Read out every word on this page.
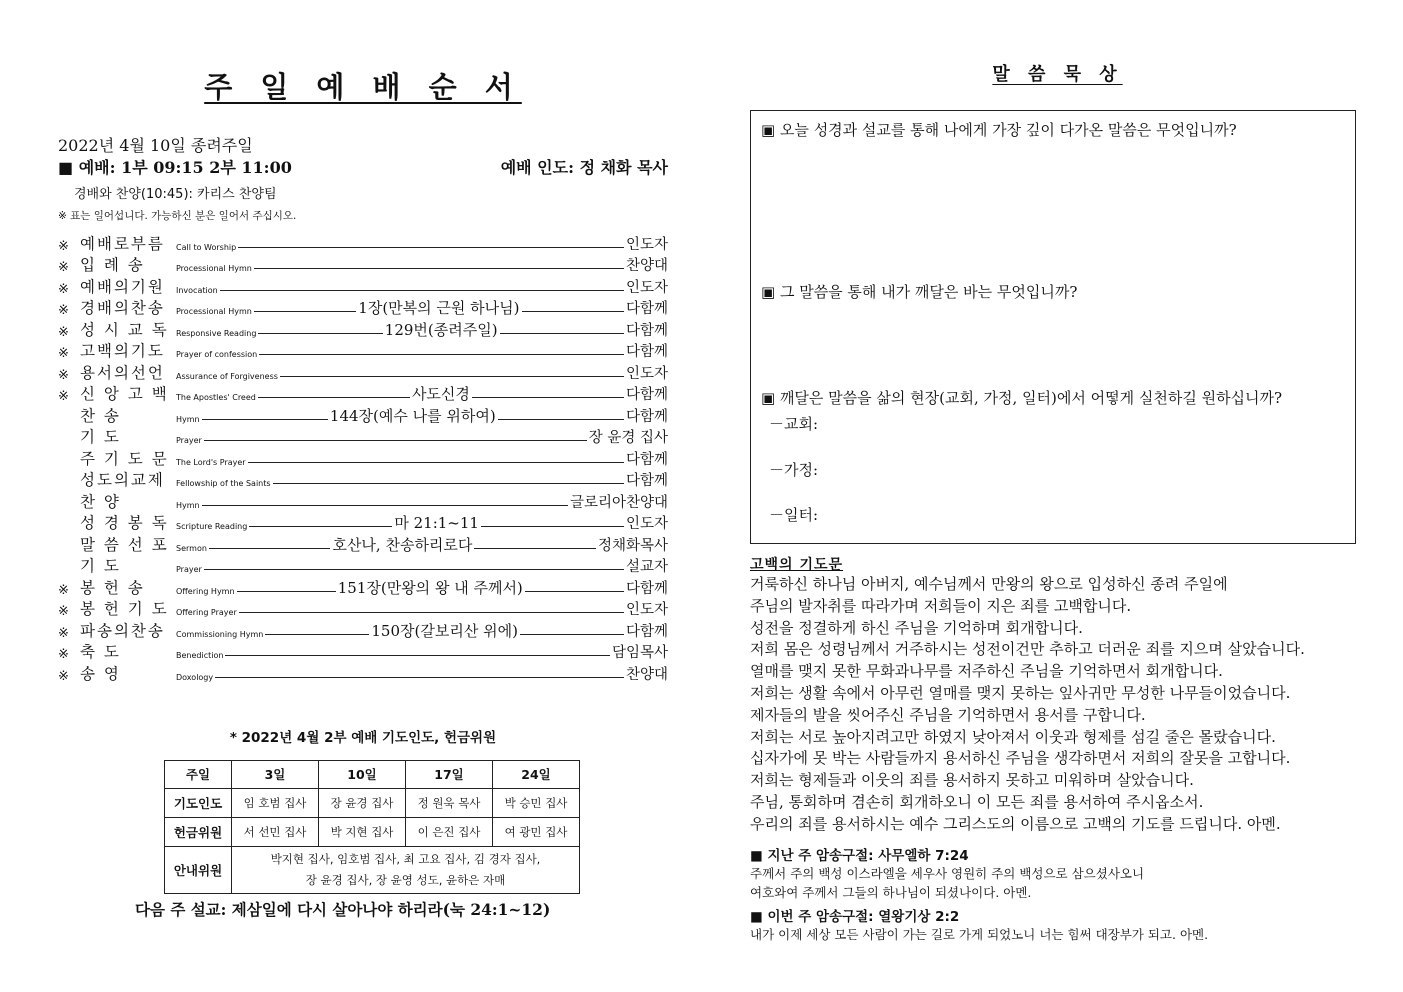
주 일 예 배 순 서
2022년 4월 10일 종려주일
■ 예배: 1부 09:15 2부 11:00	예배 인도: 정 채화 목사
경배와 찬양(10:45): 카리스 찬양팀
※ 표는 일어섭니다. 가능하신 분은 일어서 주십시오.
※ 예배로부름	Call to Worship	인도자
※ 입 례 송	Processional Hymn	찬양대
※ 예배의기원	Invocation	인도자
※ 경배의찬송	Processional Hymn	1장(만복의 근원 하나님)	다함께
※ 성 시 교 독 Responsive Reading	129번(종려주일)	다함께
※ 고백의기도	Prayer of confession	다함께
※ 용서의선언	Assurance of Forgiveness	인도자
※ 신 앙 고 백 The Apostles' Creed	사도신경	다함께
찬 송	Hymn	144장(예수 나를 위하여)	다함께
기 도	Prayer	장 윤경 집사
주 기 도 문 The Lord's Prayer	다함께
성도의교제	Fellowship of the Saints	다함께
찬 양	Hymn	글로리아찬양대
성 경 봉 독 Scripture Reading	마 21:1~11	인도자
말 씀 선 포 Sermon	호산나, 찬송하리로다	정채화목사
기 도	Prayer	설교자
※ 봉 헌 송	Offering Hymn	151장(만왕의 왕 내 주께서)	다함께
※ 봉 헌 기 도 Offering Prayer	인도자
※ 파송의찬송	Commissioning Hymn	150장(갈보리산 위에)	다함께
※ 축 도	Benediction	담임목사
※ 송 영	Doxology	찬양대
* 2022년 4월 2부 예배 기도인도, 헌금위원
주일	3일	10일	17일	24일
기도인도	임 호범 집사	장 윤경 집사	정 원욱 목사	박 승민 집사
헌금위원	서 선민 집사	박 지현 집사	이 은진 집사	여 광민 집사
안내위원	박지현 집사, 임호범 집사, 최 고요 집사, 김 경자 집사,
장 윤경 집사, 장 윤영 성도, 윤하은 자매			
다음 주 설교: 제삼일에 다시 살아나야 하리라(눅 24:1~12)
말 씀 묵 상
▣ 오늘 성경과 설교를 통해 나에게 가장 깊이 다가온 말씀은 무엇입니까?
▣ 그 말씀을 통해 내가 깨달은 바는 무엇입니까?
▣ 깨달은 말씀을 삶의 현장(교회, 가정, 일터)에서 어떻게 실천하길 원하십니까?
－교회:
－가정:
－일터:
고백의 기도문
거룩하신 하나님 아버지, 예수님께서 만왕의 왕으로 입성하신 종려 주일에
주님의 발자취를 따라가며 저희들이 지은 죄를 고백합니다.
성전을 정결하게 하신 주님을 기억하며 회개합니다.
저희 몸은 성령님께서 거주하시는 성전이건만 추하고 더러운 죄를 지으며 살았습니다.
열매를 맺지 못한 무화과나무를 저주하신 주님을 기억하면서 회개합니다.
저희는 생활 속에서 아무런 열매를 맺지 못하는 잎사귀만 무성한 나무들이었습니다.
제자들의 발을 씻어주신 주님을 기억하면서 용서를 구합니다.
저희는 서로 높아지려고만 하였지 낮아져서 이웃과 형제를 섬길 줄은 몰랐습니다.
십자가에 못 박는 사람들까지 용서하신 주님을 생각하면서 저희의 잘못을 고합니다.
저희는 형제들과 이웃의 죄를 용서하지 못하고 미워하며 살았습니다.
주님, 통회하며 겸손히 회개하오니 이 모든 죄를 용서하여 주시옵소서.
우리의 죄를 용서하시는 예수 그리스도의 이름으로 고백의 기도를 드립니다. 아멘.
■ 지난 주 암송구절: 사무엘하 7:24
주께서 주의 백성 이스라엘을 세우사 영원히 주의 백성으로 삼으셨사오니
여호와여 주께서 그들의 하나님이 되셨나이다. 아멘.
■ 이번 주 암송구절: 열왕기상 2:2
내가 이제 세상 모든 사람이 가는 길로 가게 되었노니 너는 힘써 대장부가 되고. 아멘.
